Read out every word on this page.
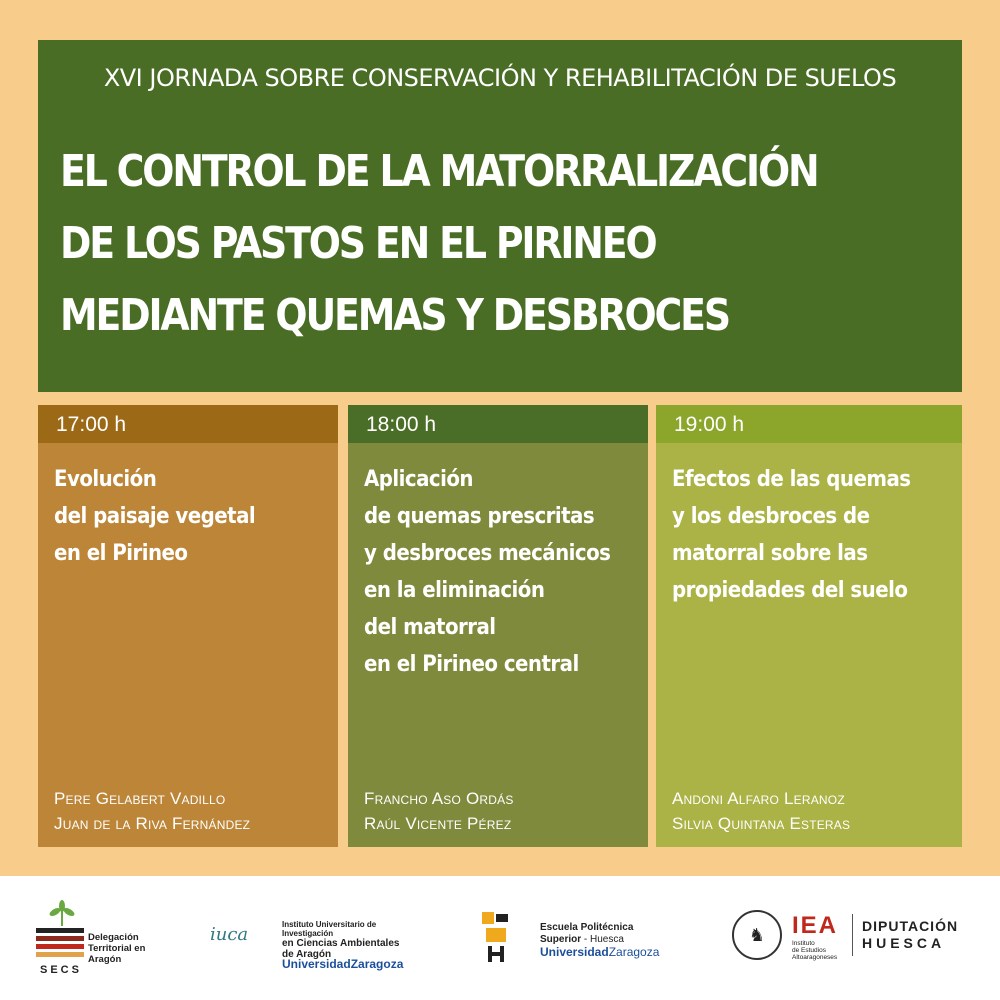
XVI JORNADA SOBRE CONSERVACIÓN Y REHABILITACIÓN DE SUELOS
EL CONTROL DE LA MATORRALIZACIÓN
DE LOS PASTOS EN EL PIRINEO
MEDIANTE QUEMAS Y DESBROCES
17:00 h
Evolución
del paisaje vegetal
en el Pirineo
Pere Gelabert Vadillo
Juan de la Riva Fernández
18:00 h
Aplicación
de quemas prescritas
y desbroces mecánicos
en la eliminación
del matorral
en el Pirineo central
Francho Aso Ordás
Raúl Vicente Pérez
19:00 h
Efectos de las quemas
y los desbroces de
matorral sobre las
propiedades del suelo
Andoni Alfaro Leranoz
Silvia Quintana Esteras
Delegación
Territorial en
Aragón
SECS
iuca	Instituto Universitario de Investigación
en Ciencias Ambientales
de Aragón
UniversidadZaragoza
Escuela Politécnica
Superior - Huesca
UniversidadZaragoza
♞	IEA
Instituto
de Estudios
Altoaragoneses
DIPUTACIÓN
HUESCA
